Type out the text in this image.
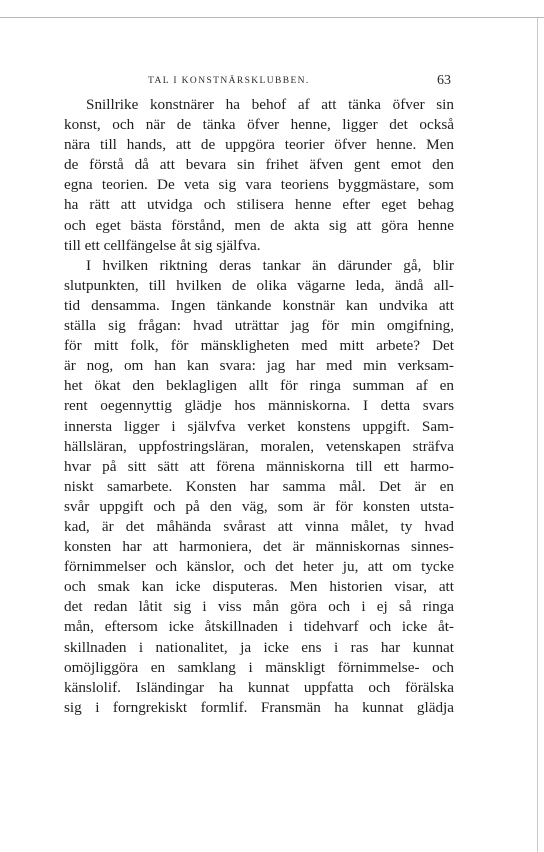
TAL I KONSTNÄRSKLUBBEN.	63
Snillrike konstnärer ha behof af att tänka öfver sin
konst, och när de tänka öfver henne, ligger det också
nära till hands, att de uppgöra teorier öfver henne. Men
de förstå då att bevara sin frihet äfven gent emot den
egna teorien. De veta sig vara teoriens byggmästare, som
ha rätt att utvidga och stilisera henne efter eget behag
och eget bästa förstånd, men de akta sig att göra henne
till ett cellfängelse åt sig själfva.
I hvilken riktning deras tankar än därunder gå, blir
slutpunkten, till hvilken de olika vägarne leda, ändå all-
tid densamma. Ingen tänkande konstnär kan undvika att
ställa sig frågan: hvad uträttar jag för min omgifning,
för mitt folk, för mänskligheten med mitt arbete? Det
är nog, om han kan svara: jag har med min verksam-
het ökat den beklagligen allt för ringa summan af en
rent oegennyttig glädje hos människorna. I detta svars
innersta ligger i självfva verket konstens uppgift. Sam-
hällsläran, uppfostringsläran, moralen, vetenskapen sträfva
hvar på sitt sätt att förena människorna till ett harmo-
niskt samarbete. Konsten har samma mål. Det är en
svår uppgift och på den väg, som är för konsten utsta-
kad, är det måhända svårast att vinna målet, ty hvad
konsten har att harmoniera, det är människornas sinnes-
förnimmelser och känslor, och det heter ju, att om tycke
och smak kan icke disputeras. Men historien visar, att
det redan låtit sig i viss mån göra och i ej så ringa
mån, eftersom icke åtskillnaden i tidehvarf och icke åt-
skillnaden i nationalitet, ja icke ens i ras har kunnat
omöjliggöra en samklang i mänskligt förnimmelse- och
känslolif. Isländingar ha kunnat uppfatta och förälska
sig i forngrekiskt formlif. Fransmän ha kunnat glädja
